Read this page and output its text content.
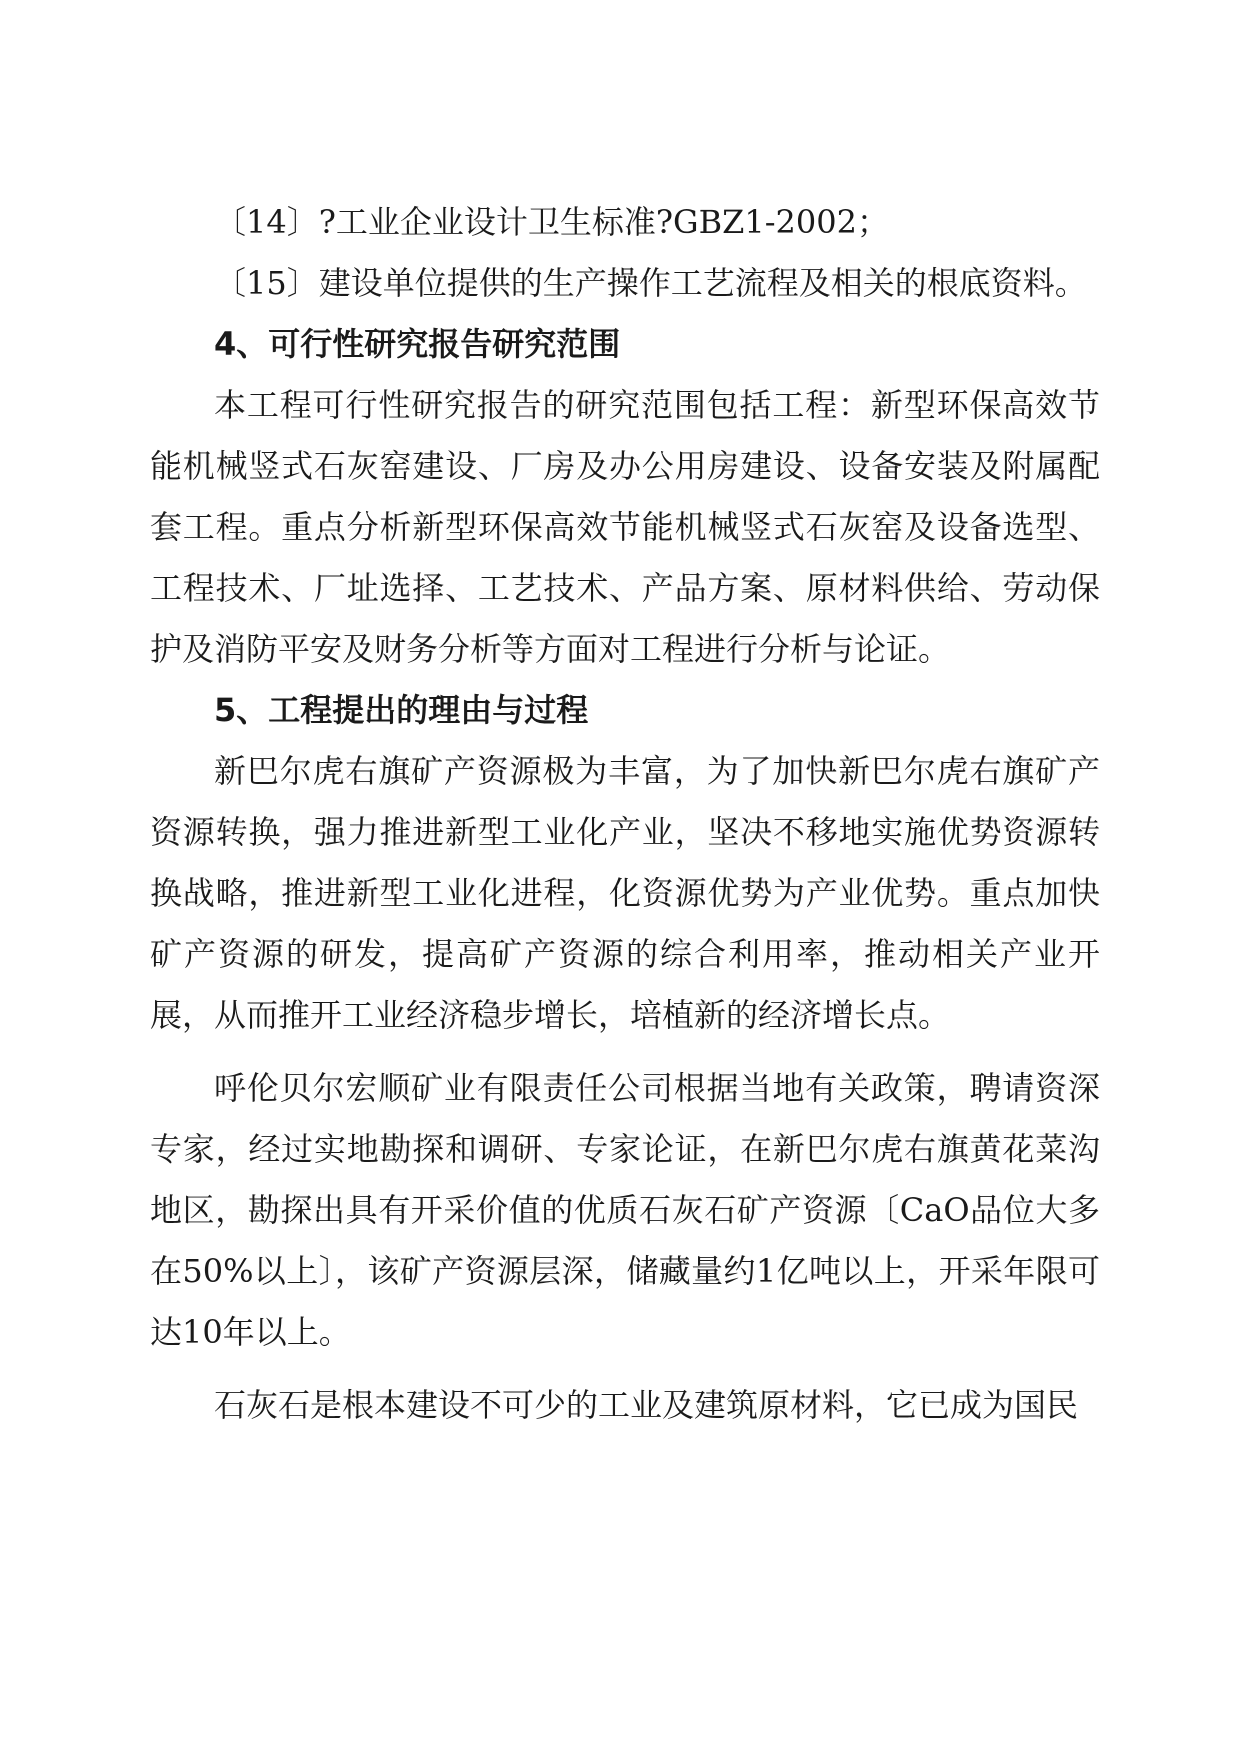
〔14〕?工业企业设计卫生标准?GBZ1-2002；

〔15〕建设单位提供的生产操作工艺流程及相关的根底资料。

4、可行性研究报告研究范围

本工程可行性研究报告的研究范围包括工程：新型环保高效节能机械竖式石灰窑建设、厂房及办公用房建设、设备安装及附属配套工程。重点分析新型环保高效节能机械竖式石灰窑及设备选型、工程技术、厂址选择、工艺技术、产品方案、原材料供给、劳动保护及消防平安及财务分析等方面对工程进行分析与论证。

5、工程提出的理由与过程

新巴尔虎右旗矿产资源极为丰富，为了加快新巴尔虎右旗矿产资源转换，强力推进新型工业化产业，坚决不移地实施优势资源转换战略，推进新型工业化进程，化资源优势为产业优势。重点加快矿产资源的研发，提高矿产资源的综合利用率，推动相关产业开展，从而推开工业经济稳步增长，培植新的经济增长点。

呼伦贝尔宏顺矿业有限责任公司根据当地有关政策，聘请资深专家，经过实地勘探和调研、专家论证，在新巴尔虎右旗黄花菜沟地区，勘探出具有开采价值的优质石灰石矿产资源〔CaO品位大多在50%以上〕，该矿产资源层深，储藏量约1亿吨以上，开采年限可达10年以上。

石灰石是根本建设不可少的工业及建筑原材料，它已成为国民
